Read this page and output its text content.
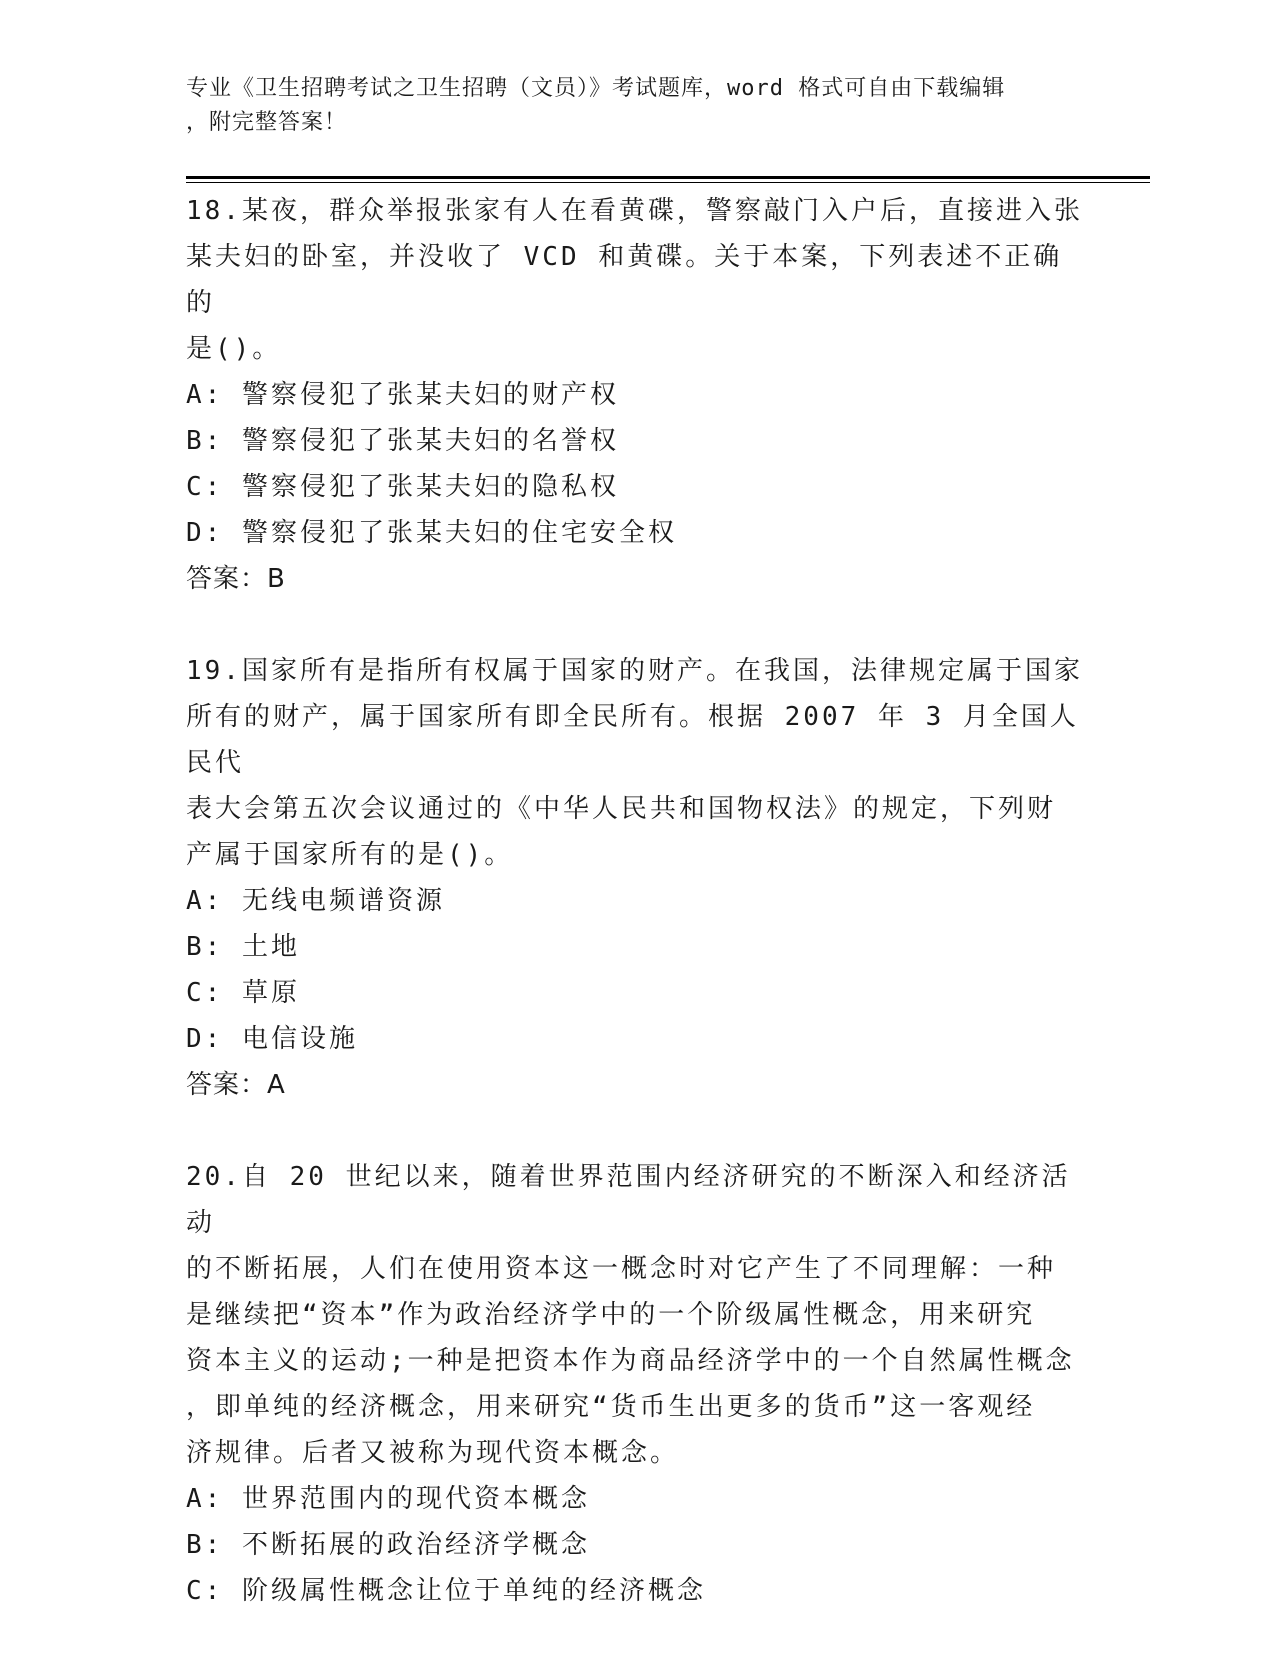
专业《卫生招聘考试之卫生招聘（文员）》考试题库，word 格式可自由下载编辑
，附完整答案！

18.某夜，群众举报张家有人在看黄碟，警察敲门入户后，直接进入张

某夫妇的卧室，并没收了 VCD 和黄碟。关于本案，下列表述不正确的

是()。

A: 警察侵犯了张某夫妇的财产权

B: 警察侵犯了张某夫妇的名誉权

C: 警察侵犯了张某夫妇的隐私权

D: 警察侵犯了张某夫妇的住宅安全权

答案：B

19.国家所有是指所有权属于国家的财产。在我国，法律规定属于国家

所有的财产，属于国家所有即全民所有。根据 2007 年 3 月全国人民代

表大会第五次会议通过的《中华人民共和国物权法》的规定，下列财

产属于国家所有的是()。

A: 无线电频谱资源

B: 土地

C: 草原

D: 电信设施

答案：A

20.自 20 世纪以来，随着世界范围内经济研究的不断深入和经济活动

的不断拓展，人们在使用资本这一概念时对它产生了不同理解：一种

是继续把“资本”作为政治经济学中的一个阶级属性概念，用来研究

资本主义的运动;一种是把资本作为商品经济学中的一个自然属性概念

，即单纯的经济概念，用来研究“货币生出更多的货币”这一客观经

济规律。后者又被称为现代资本概念。

A: 世界范围内的现代资本概念

B: 不断拓展的政治经济学概念

C: 阶级属性概念让位于单纯的经济概念
